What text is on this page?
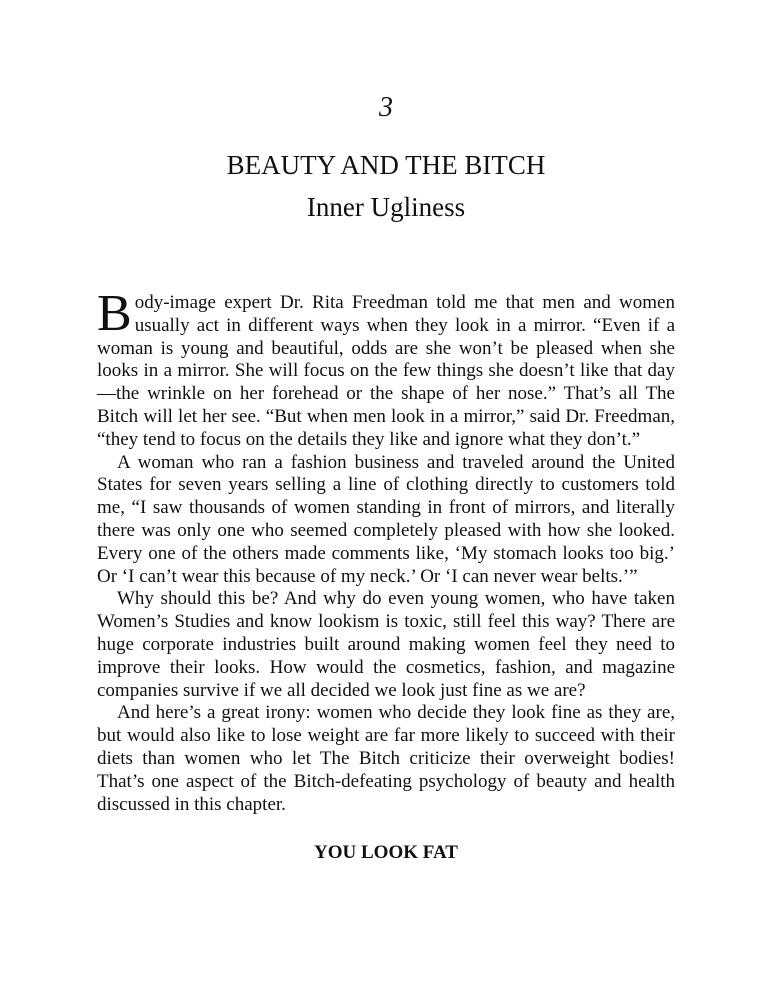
3
BEAUTY AND THE BITCH
Inner Ugliness

Body-image expert Dr. Rita Freedman told me that men and women usually act in different ways when they look in a mirror. “Even if a woman is young and beautiful, odds are she won’t be pleased when she looks in a mirror. She will focus on the few things she doesn’t like that day —the wrinkle on her forehead or the shape of her nose.” That’s all The Bitch will let her see. “But when men look in a mirror,” said Dr. Freedman, “they tend to focus on the details they like and ignore what they don’t.”

A woman who ran a fashion business and traveled around the United States for seven years selling a line of clothing directly to customers told me, “I saw thousands of women standing in front of mirrors, and literally there was only one who seemed completely pleased with how she looked. Every one of the others made comments like, ‘My stomach looks too big.’ Or ‘I can’t wear this because of my neck.’ Or ‘I can never wear belts.’”

Why should this be? And why do even young women, who have taken Women’s Studies and know lookism is toxic, still feel this way? There are huge corporate industries built around making women feel they need to improve their looks. How would the cosmetics, fashion, and magazine companies survive if we all decided we look just fine as we are?

And here’s a great irony: women who decide they look fine as they are, but would also like to lose weight are far more likely to succeed with their diets than women who let The Bitch criticize their overweight bodies! That’s one aspect of the Bitch-defeating psychology of beauty and health discussed in this chapter.

YOU LOOK FAT
